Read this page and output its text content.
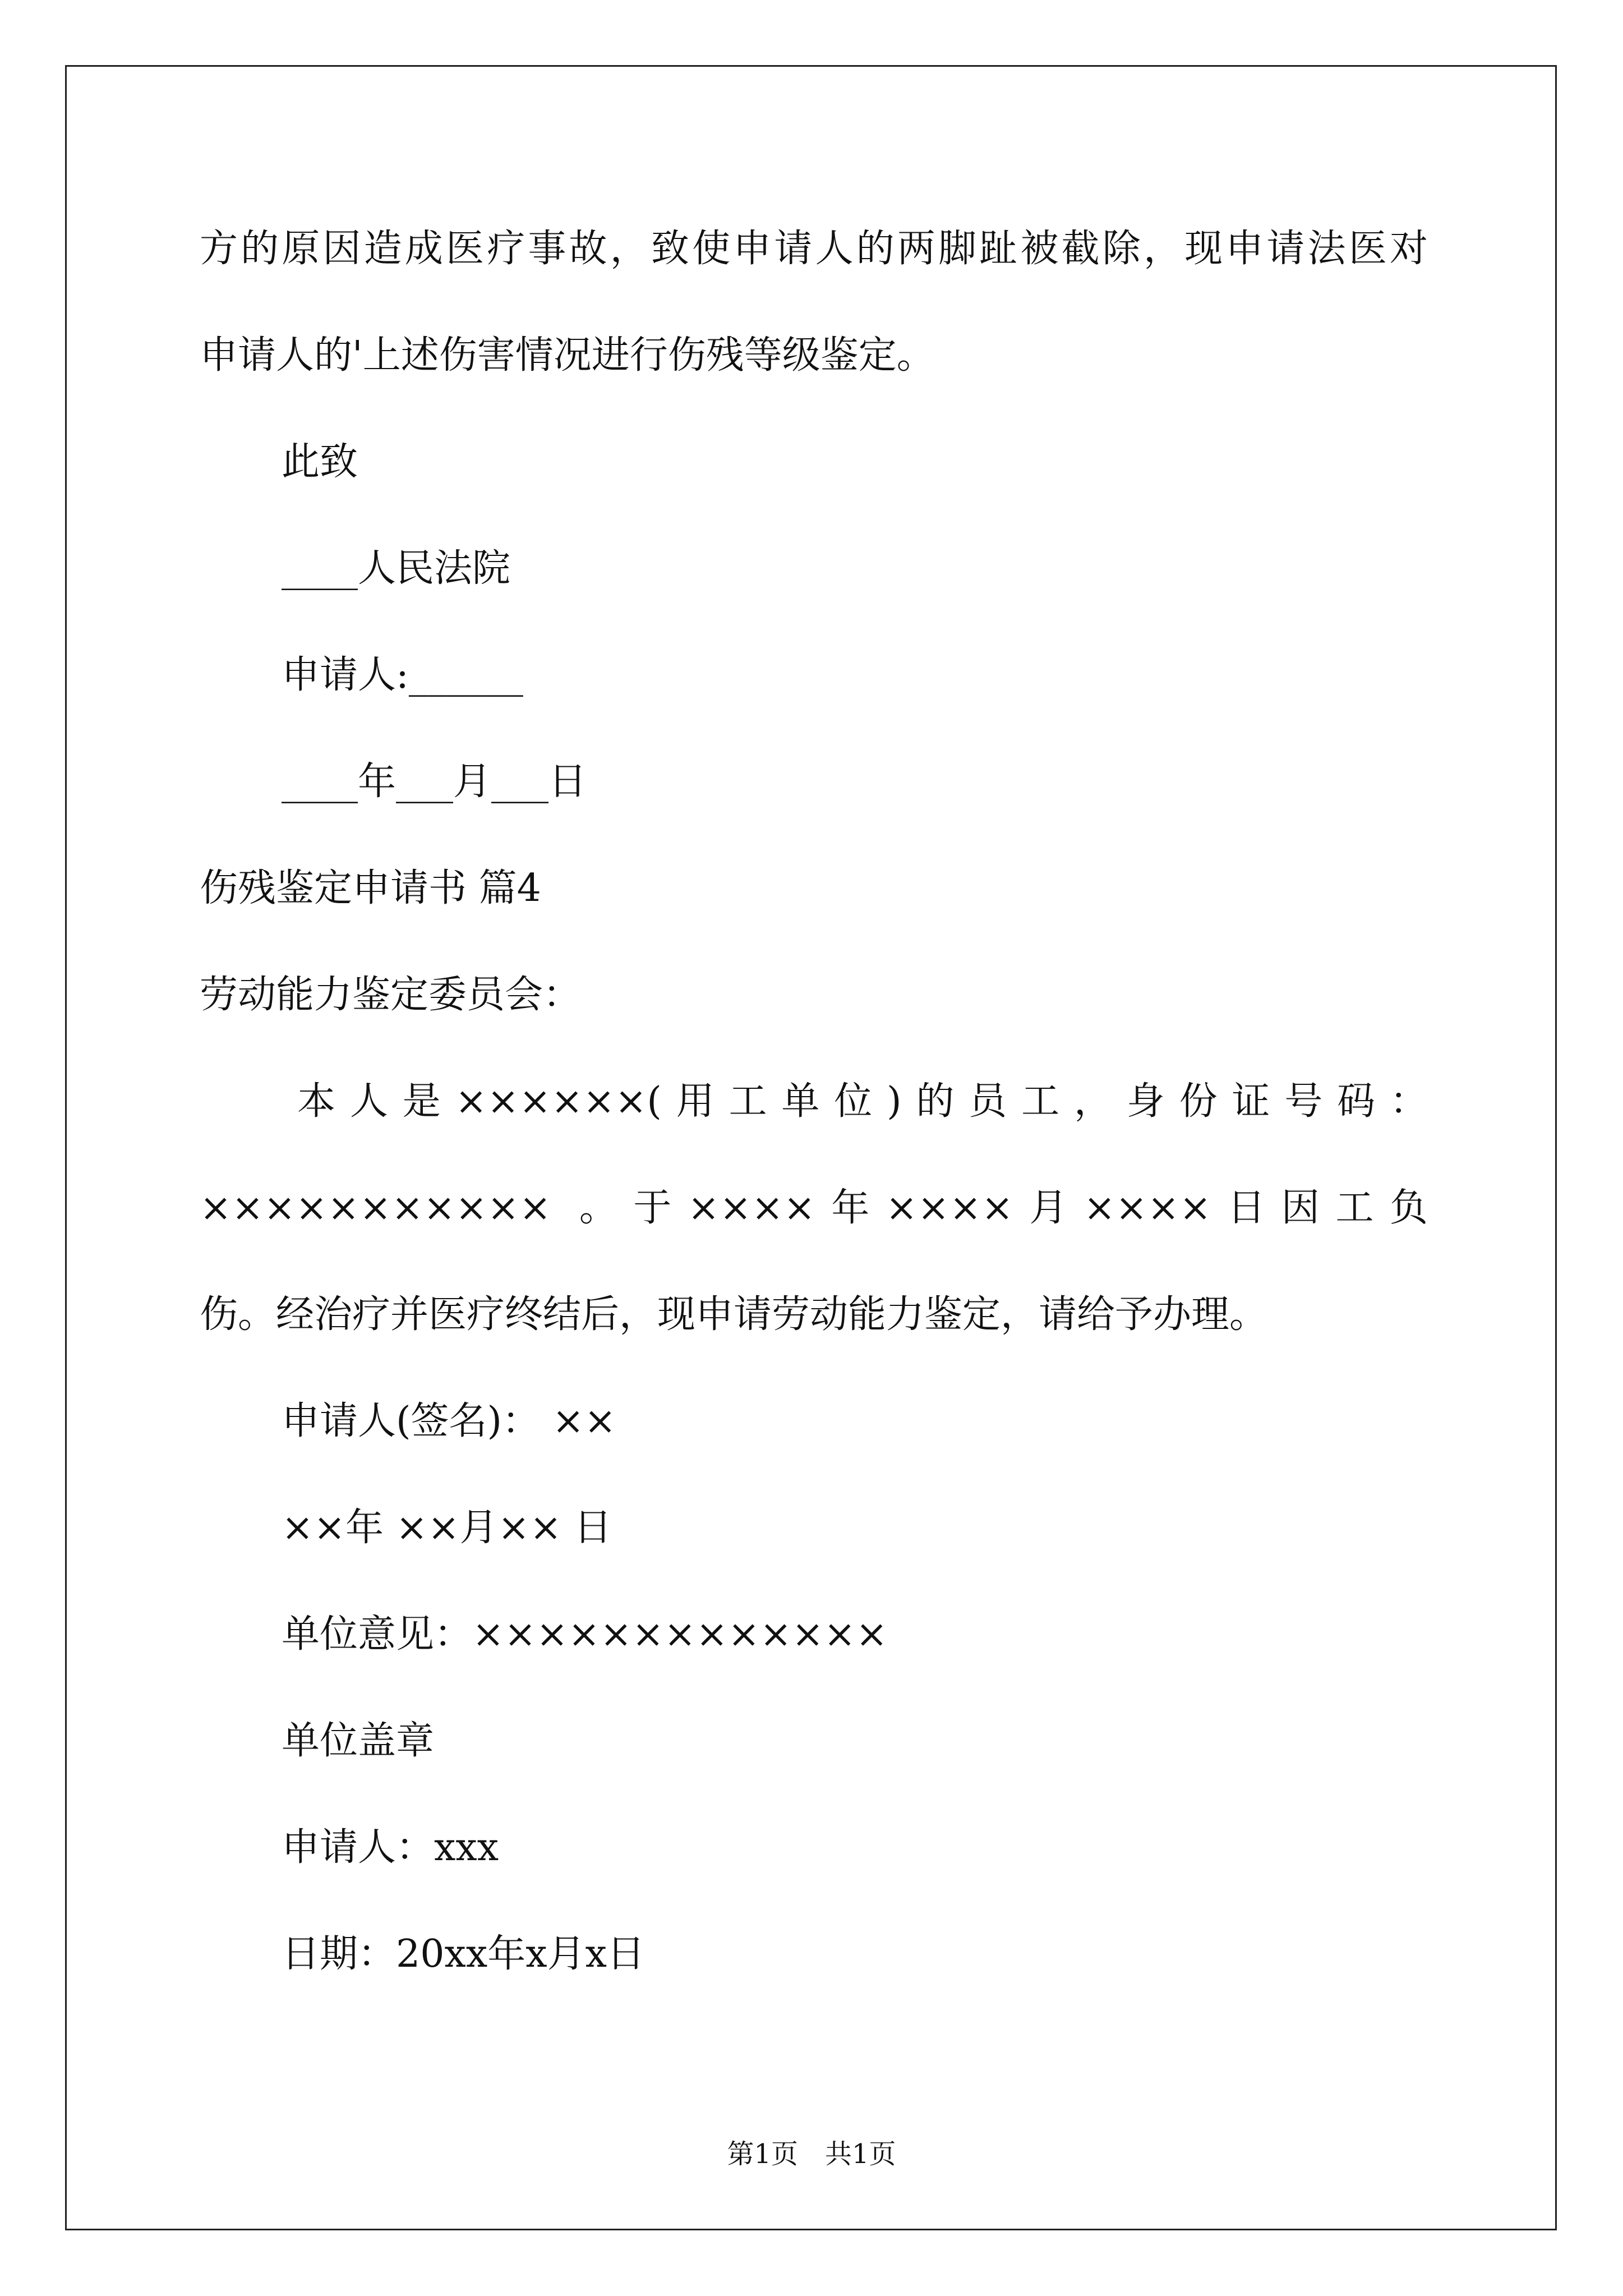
方的原因造成医疗事故，致使申请人的两脚趾被截除，现申请法医对

申请人的'上述伤害情况进行伤残等级鉴定。

此致

____人民法院

申请人:______

____年___月___日

伤残鉴定申请书 篇4

劳动能力鉴定委员会：

本人是××××××(用工单位)的员工，身份证号码：

××××××××××× 。于××××年××××月××××日因工负

伤。经治疗并医疗终结后，现申请劳动能力鉴定，请给予办理。

申请人(签名)： ××

××年 ××月×× 日

单位意见：×××××××××××××

单位盖章

申请人：xxx

日期：20xx年x月x日

第1页　共1页
